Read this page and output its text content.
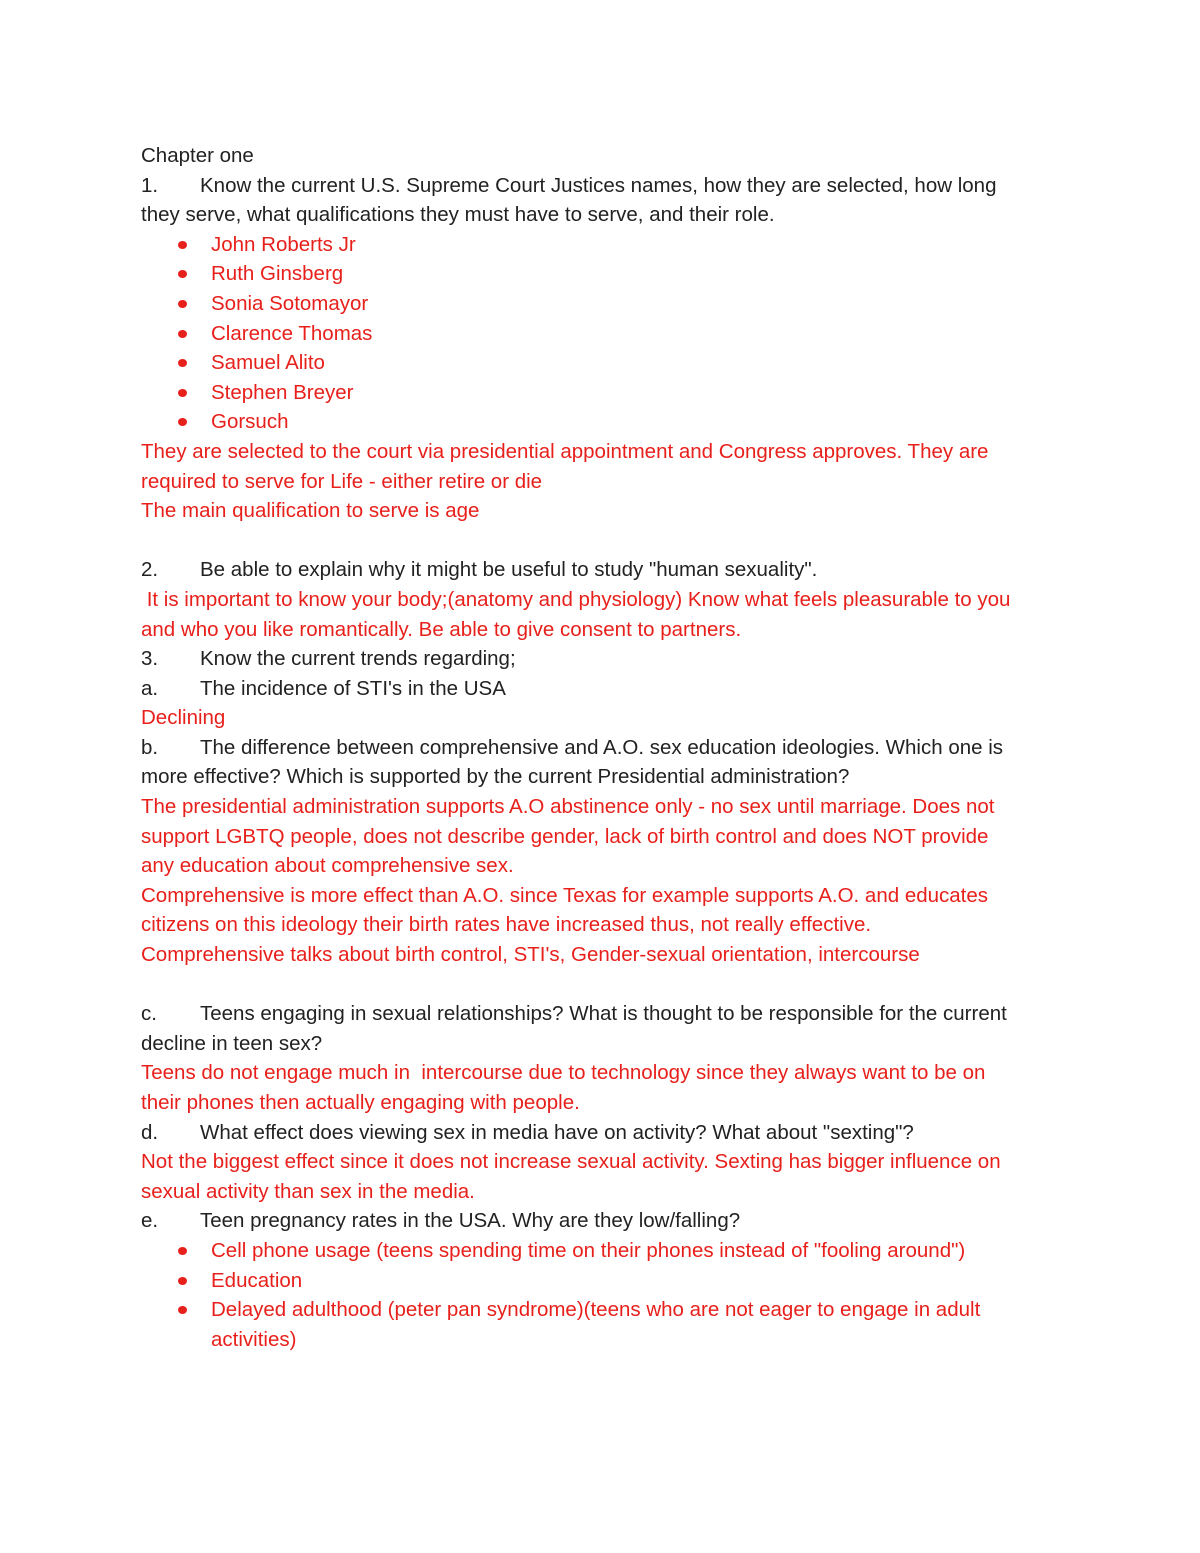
Chapter one
1. Know the current U.S. Supreme Court Justices names, how they are selected, how long
they serve, what qualifications they must have to serve, and their role.
John Roberts Jr
Ruth Ginsberg
Sonia Sotomayor
Clarence Thomas
Samuel Alito
Stephen Breyer
Gorsuch
They are selected to the court via presidential appointment and Congress approves. They are
required to serve for Life - either retire or die
The main qualification to serve is age
2. Be able to explain why it might be useful to study "human sexuality".
It is important to know your body;(anatomy and physiology) Know what feels pleasurable to you
and who you like romantically. Be able to give consent to partners.
3. Know the current trends regarding;
a. The incidence of STI's in the USA
Declining
b. The difference between comprehensive and A.O. sex education ideologies. Which one is
more effective? Which is supported by the current Presidential administration?
The presidential administration supports A.O abstinence only - no sex until marriage. Does not
support LGBTQ people, does not describe gender, lack of birth control and does NOT provide
any education about comprehensive sex.
Comprehensive is more effect than A.O. since Texas for example supports A.O. and educates
citizens on this ideology their birth rates have increased thus, not really effective.
Comprehensive talks about birth control, STI's, Gender-sexual orientation, intercourse
c. Teens engaging in sexual relationships? What is thought to be responsible for the current
decline in teen sex?
Teens do not engage much in  intercourse due to technology since they always want to be on
their phones then actually engaging with people.
d. What effect does viewing sex in media have on activity? What about "sexting"?
Not the biggest effect since it does not increase sexual activity. Sexting has bigger influence on
sexual activity than sex in the media.
e. Teen pregnancy rates in the USA. Why are they low/falling?
Cell phone usage (teens spending time on their phones instead of "fooling around")
Education
Delayed adulthood (peter pan syndrome)(teens who are not eager to engage in adult
activities)
